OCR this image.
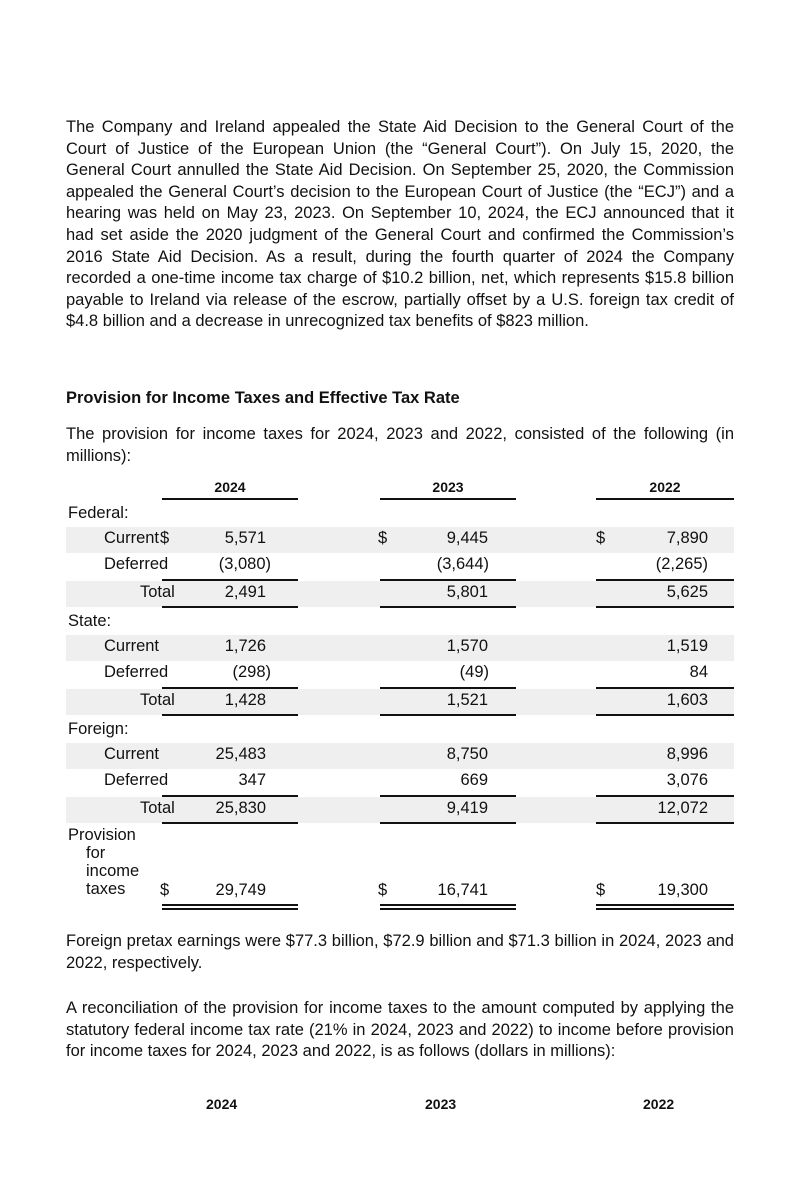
The Company and Ireland appealed the State Aid Decision to the General Court of the Court of Justice of the European Union (the “General Court”). On July 15, 2020, the General Court annulled the State Aid Decision. On September 25, 2020, the Commission appealed the General Court’s decision to the European Court of Justice (the “ECJ”) and a hearing was held on May 23, 2023. On September 10, 2024, the ECJ announced that it had set aside the 2020 judgment of the General Court and confirmed the Commission’s 2016 State Aid Decision. As a result, during the fourth quarter of 2024 the Company recorded a one-time income tax charge of $10.2 billion, net, which represents $15.8 billion payable to Ireland via release of the escrow, partially offset by a U.S. foreign tax credit of $4.8 billion and a decrease in unrecognized tax benefits of $823 million.

Provision for Income Taxes and Effective Tax Rate

The provision for income taxes for 2024, 2023 and 2022, consisted of the following (in millions):

2024	2023	2022
Federal:
Current $	5,571	$	9,445	$	7,890
Deferred	(3,080)	(3,644)	(2,265)
Total	2,491	5,801	5,625
State:
Current	1,726	1,570	1,519
Deferred	(298)	(49)	84
Total	1,428	1,521	1,603
Foreign:
Current	25,483	8,750	8,996
Deferred	347	669	3,076
Total	25,830	9,419	12,072
Provision
for
income
taxes	$	29,749	$	16,741	$	19,300

Foreign pretax earnings were $77.3 billion, $72.9 billion and $71.3 billion in 2024, 2023 and 2022, respectively.

A reconciliation of the provision for income taxes to the amount computed by applying the statutory federal income tax rate (21% in 2024, 2023 and 2022) to income before provision for income taxes for 2024, 2023 and 2022, is as follows (dollars in millions):

2024	2023	2022
